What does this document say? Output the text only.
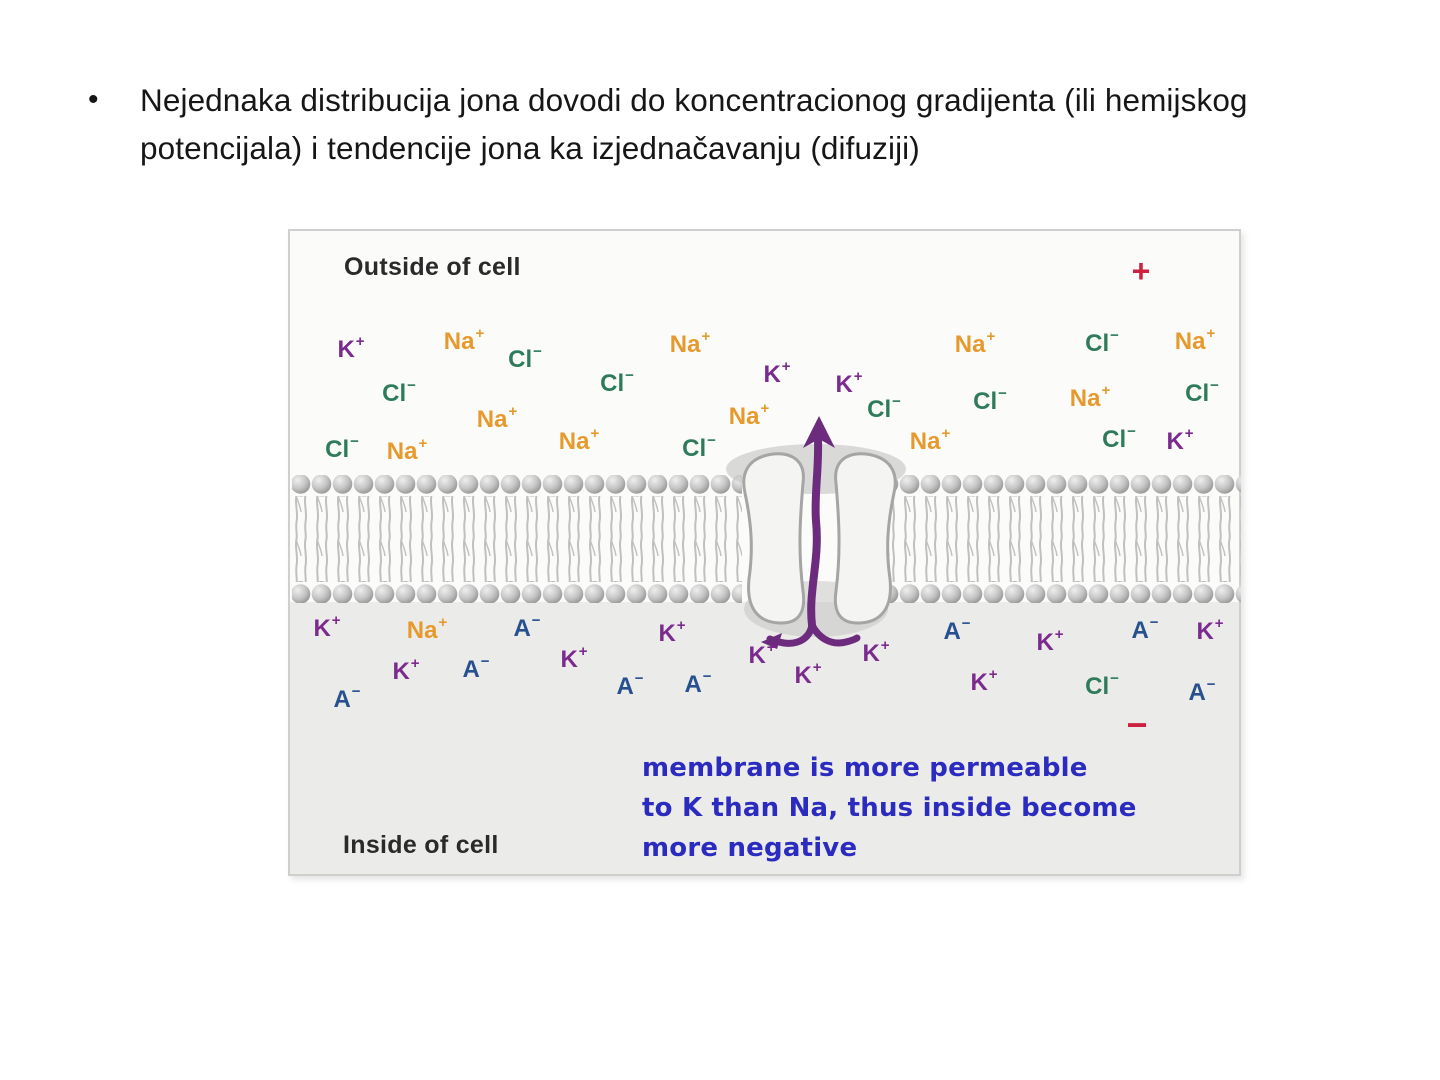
•	Nejednaka distribucija jona dovodi do koncentracionog gradijenta (ili hemijskog potencijala) i tendencije jona ka izjednačavanju (difuziji)
Outside of cell	+
K+	Na+
Cl−
Cl−
Na+
Cl− Na+	Na+
Cl−
Na+
K+
K+
Na+
Cl−
Cl−
Na+
Na+	Cl− Na+
Cl−	Na+	Cl−
Cl− K+
K+	Na+	A−	K+	A−
K+	A− K+
A−
K+ A−	K+
A− A−
K+
K+
K+
K+	Cl−
A−
−
membrane is more permeable
to K than Na, thus inside become
more negative
Inside of cell
